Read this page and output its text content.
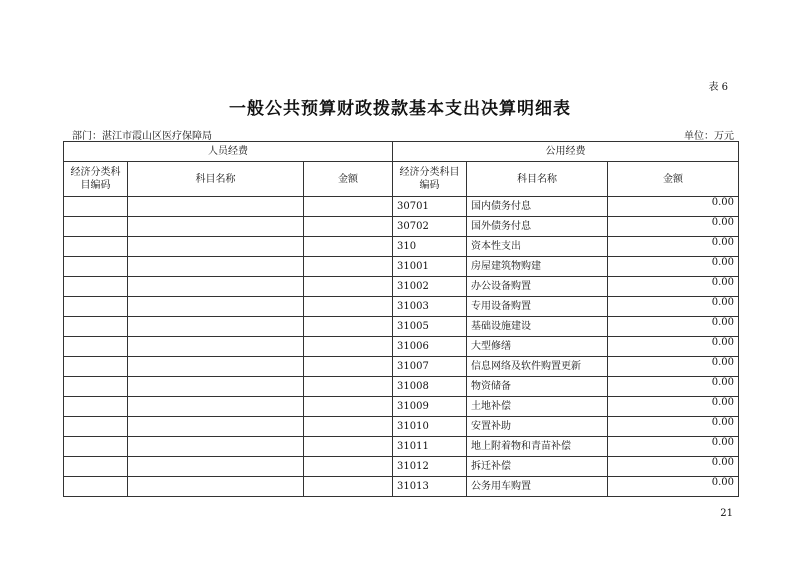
表 6
一般公共预算财政拨款基本支出决算明细表
部门：湛江市霞山区医疗保障局	单位：万元
人员经费			公用经费		
经济分类科目编码	科目名称	金额	经济分类科目编码	科目名称	金额
			30701	国内债务付息	0.00
			30702	国外债务付息	0.00
			310	资本性支出	0.00
			31001	房屋建筑物购建	0.00
			31002	办公设备购置	0.00
			31003	专用设备购置	0.00
			31005	基础设施建设	0.00
			31006	大型修缮	0.00
			31007	信息网络及软件购置更新	0.00
			31008	物资储备	0.00
			31009	土地补偿	0.00
			31010	安置补助	0.00
			31011	地上附着物和青苗补偿	0.00
			31012	拆迁补偿	0.00
			31013	公务用车购置	0.00
21
